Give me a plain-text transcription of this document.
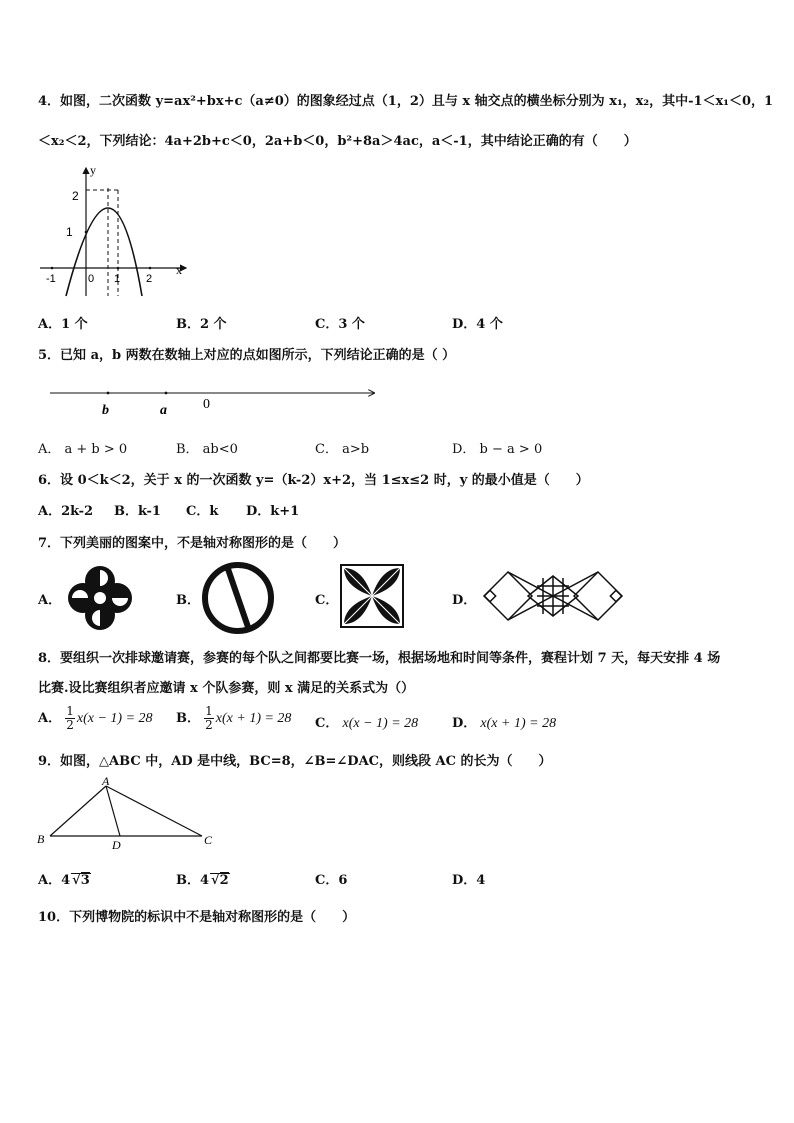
4．如图，二次函数 y=ax²+bx+c（a≠0）的图象经过点（1，2）且与 x 轴交点的横坐标分别为 x₁，x₂，其中-1＜x₁＜0，1
＜x₂＜2，下列结论：4a+2b+c＜0，2a+b＜0，b²+8a＞4ac，a＜-1，其中结论正确的有（　　）
y
x
-1	0 1 2
1
2
A．1 个	B．2 个	C．3 个	D．4 个
5．已知 a，b 两数在数轴上对应的点如图所示，下列结论正确的是（ ）
b	a	0
A． a + b > 0	B． ab<0	C． a>b	D． b − a > 0
6．设 0＜k＜2，关于 x 的一次函数 y=（k-2）x+2，当 1≤x≤2 时，y 的最小值是（　　）
A．2k-2 B．k-1 C．k D．k+1
7．下列美丽的图案中，不是轴对称图形的是（　　）
A．	B．	C．	D．
8．要组织一次排球邀请赛，参赛的每个队之间都要比赛一场，根据场地和时间等条件，赛程计划 7 天，每天安排 4 场
比赛.设比赛组织者应邀请 x 个队参赛，则 x 满足的关系式为（）
A． $\frac{1}{2} x(x - 1) = 28$ B． $\frac{1}{2} x(x + 1) = 28$ C． x(x − 1) = 28	D． x(x + 1) = 28
9．如图，△ABC 中，AD 是中线，BC=8，∠B=∠DAC，则线段 AC 的长为（　　）
A
B	D	C
A．4 √3	B．4 √2	C．6	D．4
10．下列博物院的标识中不是轴对称图形的是（　　）
